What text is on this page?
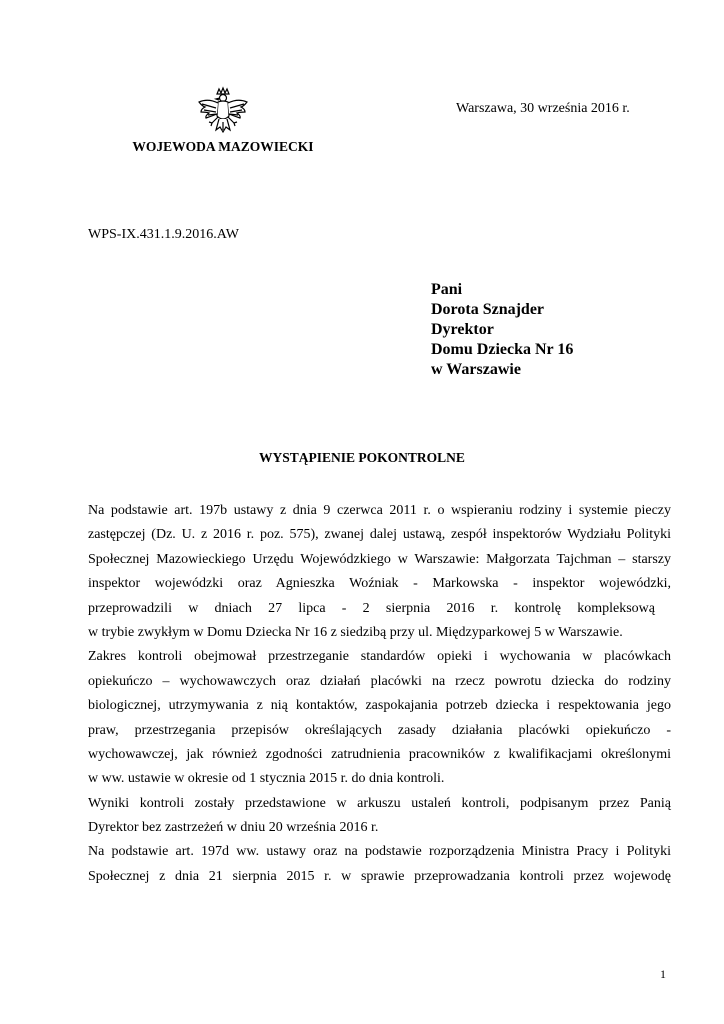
WOJEWODA MAZOWIECKI
Warszawa, 30 września 2016 r.
WPS-IX.431.1.9.2016.AW
Pani
Dorota Sznajder
Dyrektor
Domu Dziecka Nr 16
w Warszawie
WYSTĄPIENIE POKONTROLNE
Na podstawie art. 197b ustawy z dnia 9 czerwca 2011 r. o wspieraniu rodziny i systemie pieczy
zastępczej (Dz. U. z 2016 r. poz. 575), zwanej dalej ustawą, zespół inspektorów Wydziału Polityki
Społecznej Mazowieckiego Urzędu Wojewódzkiego w Warszawie: Małgorzata Tajchman – starszy
inspektor wojewódzki oraz Agnieszka Woźniak - Markowska - inspektor wojewódzki,
przeprowadzili w dniach 27 lipca - 2 sierpnia 2016 r. kontrolę kompleksową
w trybie zwykłym w Domu Dziecka Nr 16 z siedzibą przy ul. Międzyparkowej 5 w Warszawie.
Zakres kontroli obejmował przestrzeganie standardów opieki i wychowania w placówkach
opiekuńczo – wychowawczych oraz działań placówki na rzecz powrotu dziecka do rodziny
biologicznej, utrzymywania z nią kontaktów, zaspokajania potrzeb dziecka i respektowania jego
praw, przestrzegania przepisów określających zasady działania placówki opiekuńczo -
wychowawczej, jak również zgodności zatrudnienia pracowników z kwalifikacjami określonymi
w ww. ustawie w okresie od 1 stycznia 2015 r. do dnia kontroli.
Wyniki kontroli zostały przedstawione w arkuszu ustaleń kontroli, podpisanym przez Panią
Dyrektor bez zastrzeżeń w dniu 20 września 2016 r.
Na podstawie art. 197d ww. ustawy oraz na podstawie rozporządzenia Ministra Pracy i Polityki
Społecznej z dnia 21 sierpnia 2015 r. w sprawie przeprowadzania kontroli przez wojewodę
1
